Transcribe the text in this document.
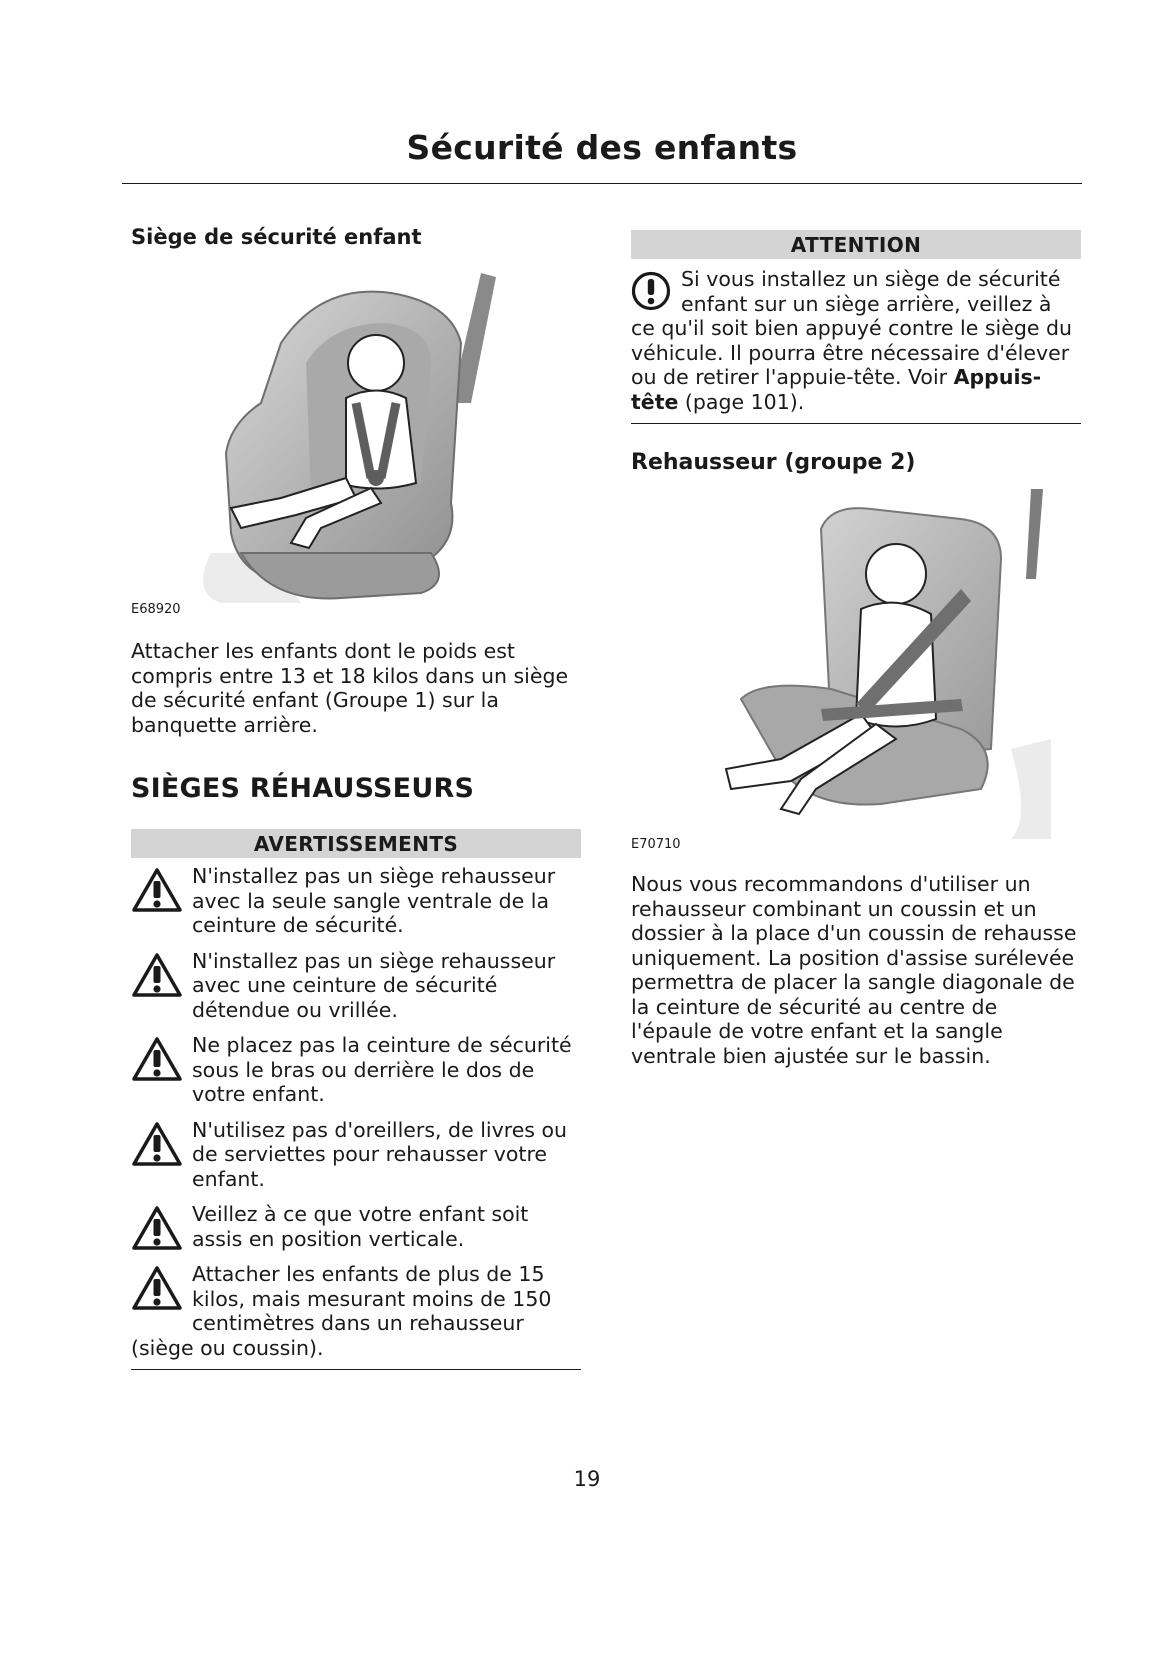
Sécurité des enfants
Siège de sécurité enfant

E68920

Attacher les enfants dont le poids est compris entre 13 et 18 kilos dans un siège de sécurité enfant (Groupe 1) sur la banquette arrière.

SIÈGES RÉHAUSSEURS
AVERTISSEMENTS

N'installez pas un siège rehausseur avec la seule sangle ventrale de la ceinture de sécurité.

N'installez pas un siège rehausseur avec une ceinture de sécurité détendue ou vrillée.

Ne placez pas la ceinture de sécurité sous le bras ou derrière le dos de votre enfant.

N'utilisez pas d'oreillers, de livres ou de serviettes pour rehausser votre enfant.

Veillez à ce que votre enfant soit assis en position verticale.

Attacher les enfants de plus de 15

kilos, mais mesurant moins de 150

centimètres dans un rehausseur

(siège ou coussin).

ATTENTION

Si vous installez un siège de sécurité enfant sur un siège arrière, veillez à ce qu'il soit bien appuyé contre le siège du véhicule. Il pourra être nécessaire d'élever ou de retirer l'appuie-tête. Voir Appuis-tête (page 101).

Rehausseur (groupe 2)

E70710

Nous vous recommandons d'utiliser un rehausseur combinant un coussin et un dossier à la place d'un coussin de rehausse uniquement. La position d'assise surélevée permettra de placer la sangle diagonale de la ceinture de sécurité au centre de l'épaule de votre enfant et la sangle ventrale bien ajustée sur le bassin.

19
